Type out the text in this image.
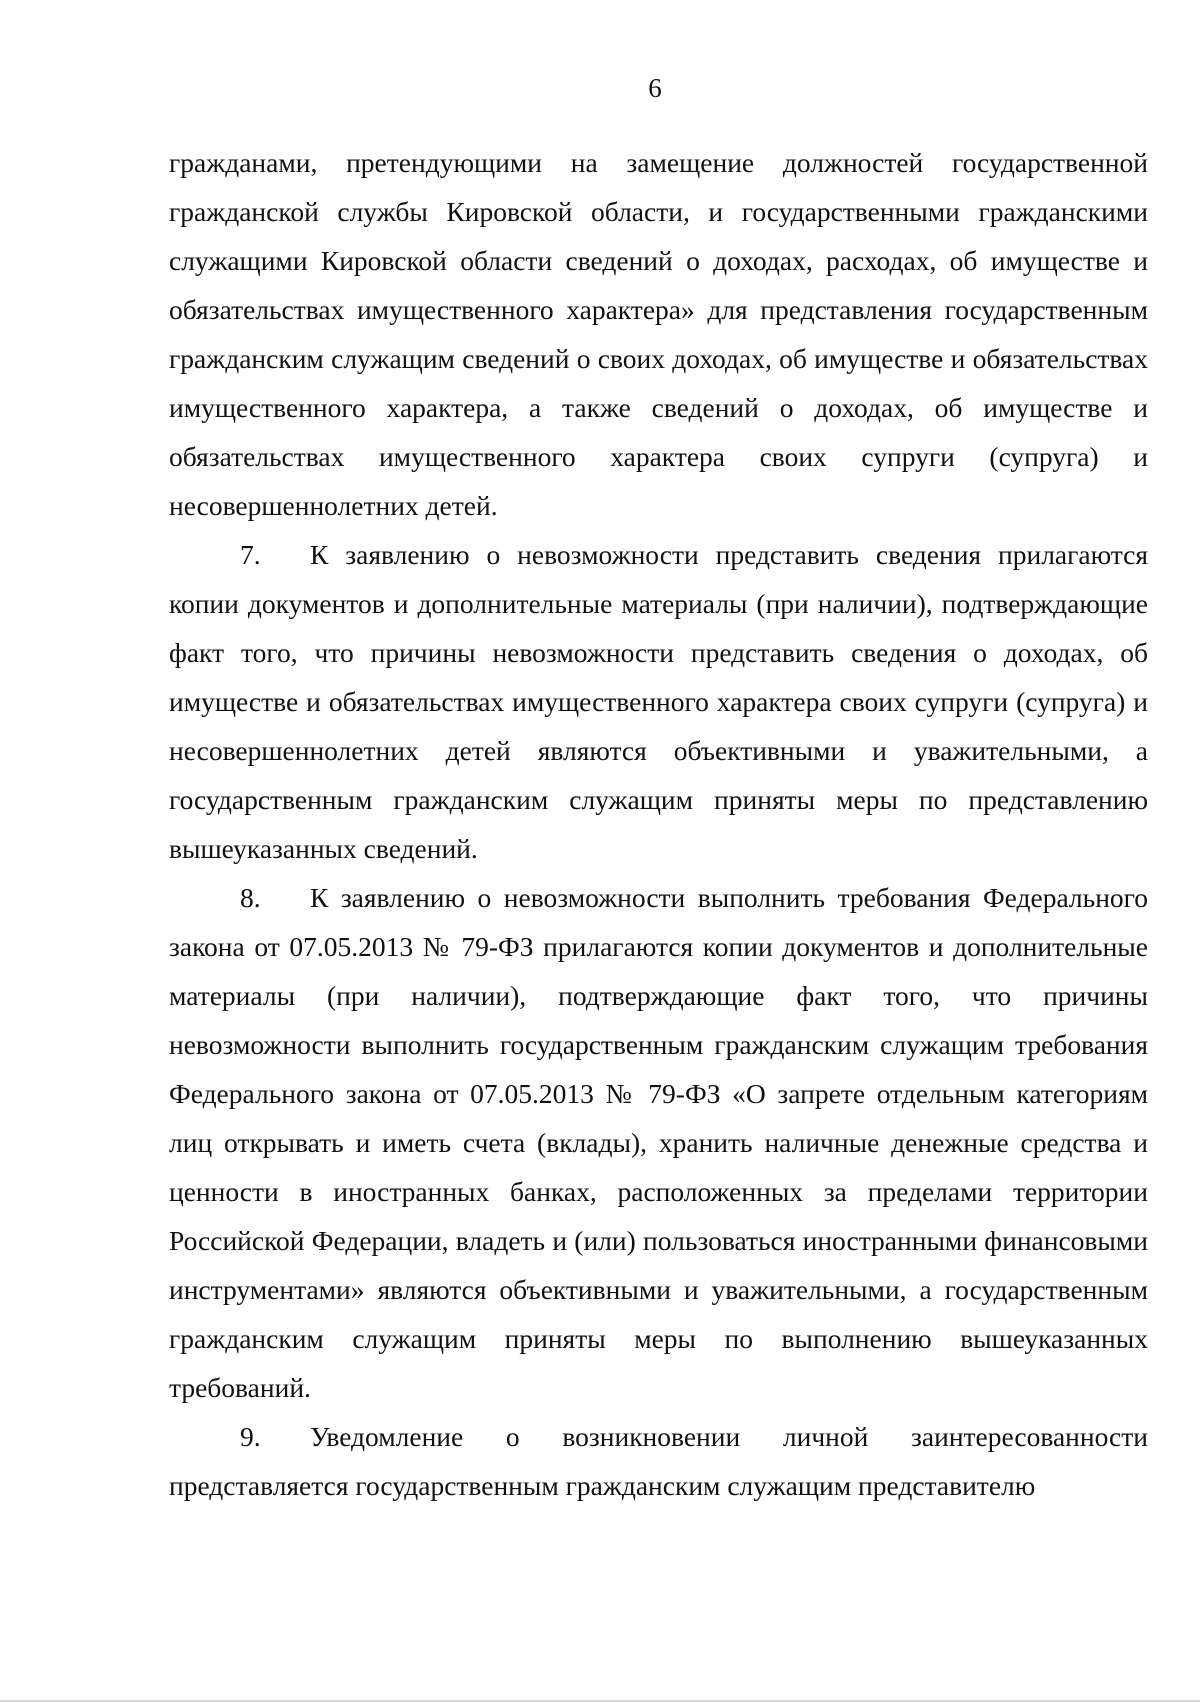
6

гражданами, претендующими на замещение должностей государственной гражданской службы Кировской области, и государственными гражданскими служащими Кировской области сведений о доходах, расходах, об имуществе и обязательствах имущественного характера» для представления государственным гражданским служащим сведений о своих доходах, об имуществе и обязательствах имущественного характера, а также сведений о доходах, об имуществе и обязательствах имущественного характера своих супруги (супруга) и несовершеннолетних детей.

7. К заявлению о невозможности представить сведения прилагаются копии документов и дополнительные материалы (при наличии), подтверждающие факт того, что причины невозможности представить сведения о доходах, об имуществе и обязательствах имущественного характера своих супруги (супруга) и несовершеннолетних детей являются объективными и уважительными, а государственным гражданским служащим приняты меры по представлению вышеуказанных сведений.

8. К заявлению о невозможности выполнить требования Федерального закона от 07.05.2013 № 79-ФЗ прилагаются копии документов и дополнительные материалы (при наличии), подтверждающие факт того, что причины невозможности выполнить государственным гражданским служащим требования Федерального закона от 07.05.2013 № 79-ФЗ «О запрете отдельным категориям лиц открывать и иметь счета (вклады), хранить наличные денежные средства и ценности в иностранных банках, расположенных за пределами территории Российской Федерации, владеть и (или) пользоваться иностранными финансовыми инструментами» являются объективными и уважительными, а государственным гражданским служащим приняты меры по выполнению вышеуказанных требований.

9. Уведомление о возникновении личной заинтересованности представляется государственным гражданским служащим представителю
